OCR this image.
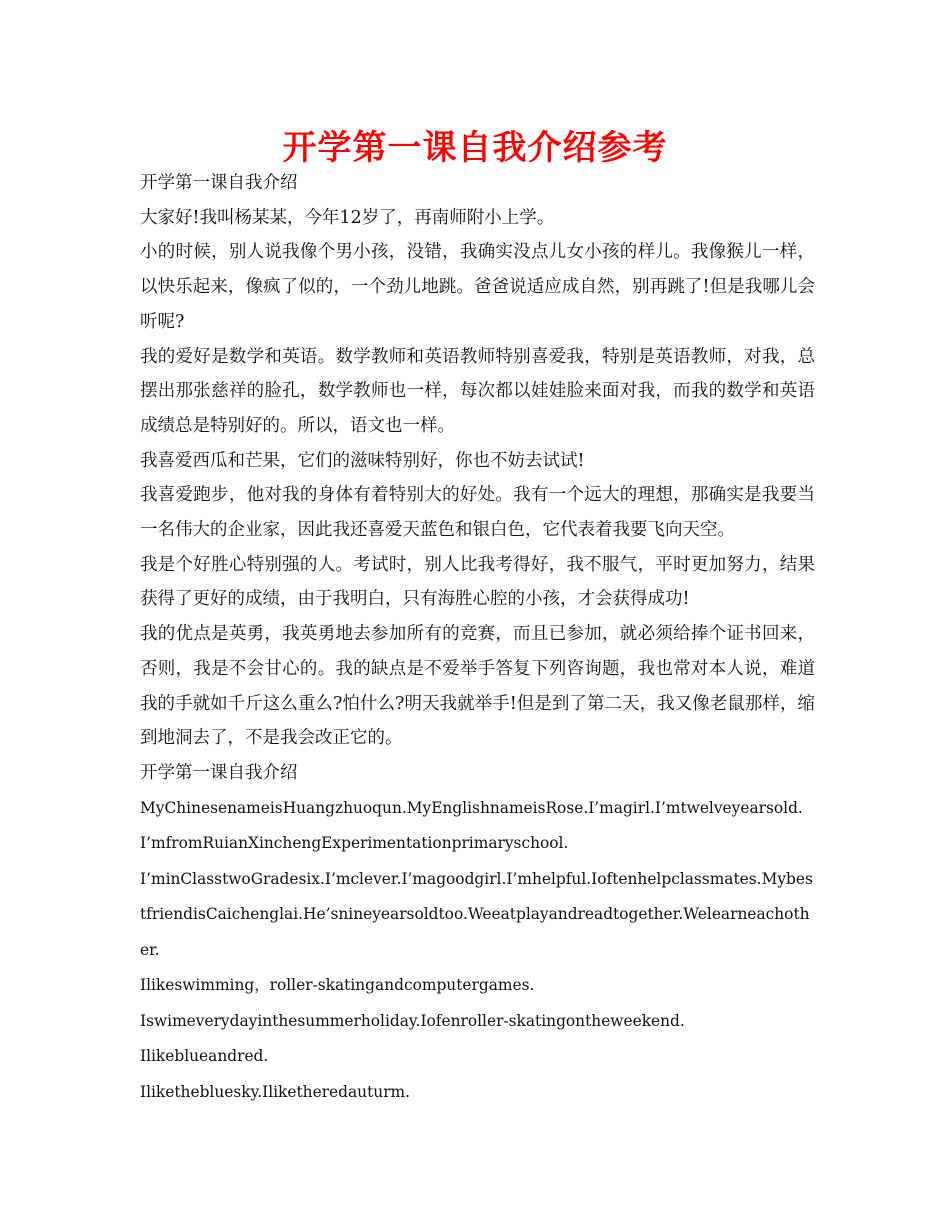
开学第一课自我介绍参考

开学第一课自我介绍

大家好!我叫杨某某，今年12岁了，再南师附小上学。

小的时候，别人说我像个男小孩，没错，我确实没点儿女小孩的样儿。我像猴儿一样，以快乐起来，像疯了似的，一个劲儿地跳。爸爸说适应成自然，别再跳了!但是我哪儿会听呢?

我的爱好是数学和英语。数学教师和英语教师特别喜爱我，特别是英语教师，对我，总摆出那张慈祥的脸孔，数学教师也一样，每次都以娃娃脸来面对我，而我的数学和英语成绩总是特别好的。所以，语文也一样。

我喜爱西瓜和芒果，它们的滋味特别好，你也不妨去试试!

我喜爱跑步，他对我的身体有着特别大的好处。我有一个远大的理想，那确实是我要当一名伟大的企业家，因此我还喜爱天蓝色和银白色，它代表着我要飞向天空。

我是个好胜心特别强的人。考试时，别人比我考得好，我不服气，平时更加努力，结果获得了更好的成绩，由于我明白，只有海胜心腔的小孩，才会获得成功!

我的优点是英勇，我英勇地去参加所有的竞赛，而且已参加，就必须给捧个证书回来，否则，我是不会甘心的。我的缺点是不爱举手答复下列咨询题，我也常对本人说，难道我的手就如千斤这么重么?怕什么?明天我就举手!但是到了第二天，我又像老鼠那样，缩到地洞去了，不是我会改正它的。

开学第一课自我介绍

MyChinesenameisHuangzhuoqun.MyEnglishnameisRose.I’magirl.I’mtwelveyearsold.I’mfromRuianXinchengExperimentationprimaryschool.

I’minClasstwoGradesix.I’mclever.I’magoodgirl.I’mhelpful.Ioftenhelpclassmates.MybestfriendisCaichenglai.He’snineyearsoldtoo.Weeatplayandreadtogether.Welearneachother.

Ilikeswimming，roller-skatingandcomputergames.

Iswimeverydayinthesummerholiday.Iofenroller-skatingontheweekend.

Ilikeblueandred.

Ilikethebluesky.Iliketheredauturm.
